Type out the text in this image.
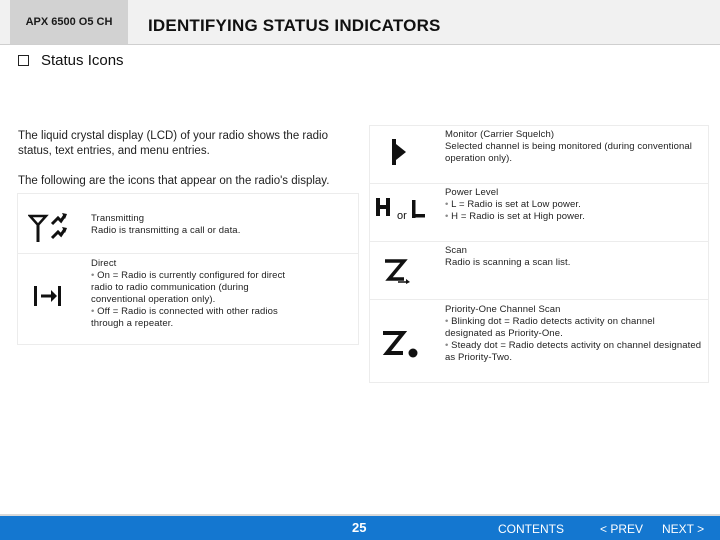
APX 6500 O5 CH	IDENTIFYING STATUS INDICATORS
Status Icons
The liquid crystal display (LCD) of your radio shows the radio status, text entries, and menu entries.
The following are the icons that appear on the radio's display.
Transmitting
Radio is transmitting a call or data.
Direct
• On = Radio is currently configured for direct radio to radio communication (during conventional operation only).
• Off = Radio is connected with other radios through a repeater.
Monitor (Carrier Squelch)
Selected channel is being monitored (during conventional operation only).
or
Power Level
• L = Radio is set at Low power.
• H = Radio is set at High power.
Scan
Radio is scanning a scan list.
Priority-One Channel Scan
• Blinking dot = Radio detects activity on channel designated as Priority-One.
• Steady dot = Radio detects activity on channel designated as Priority-Two.
25	CONTENTS	< PREV NEXT >
